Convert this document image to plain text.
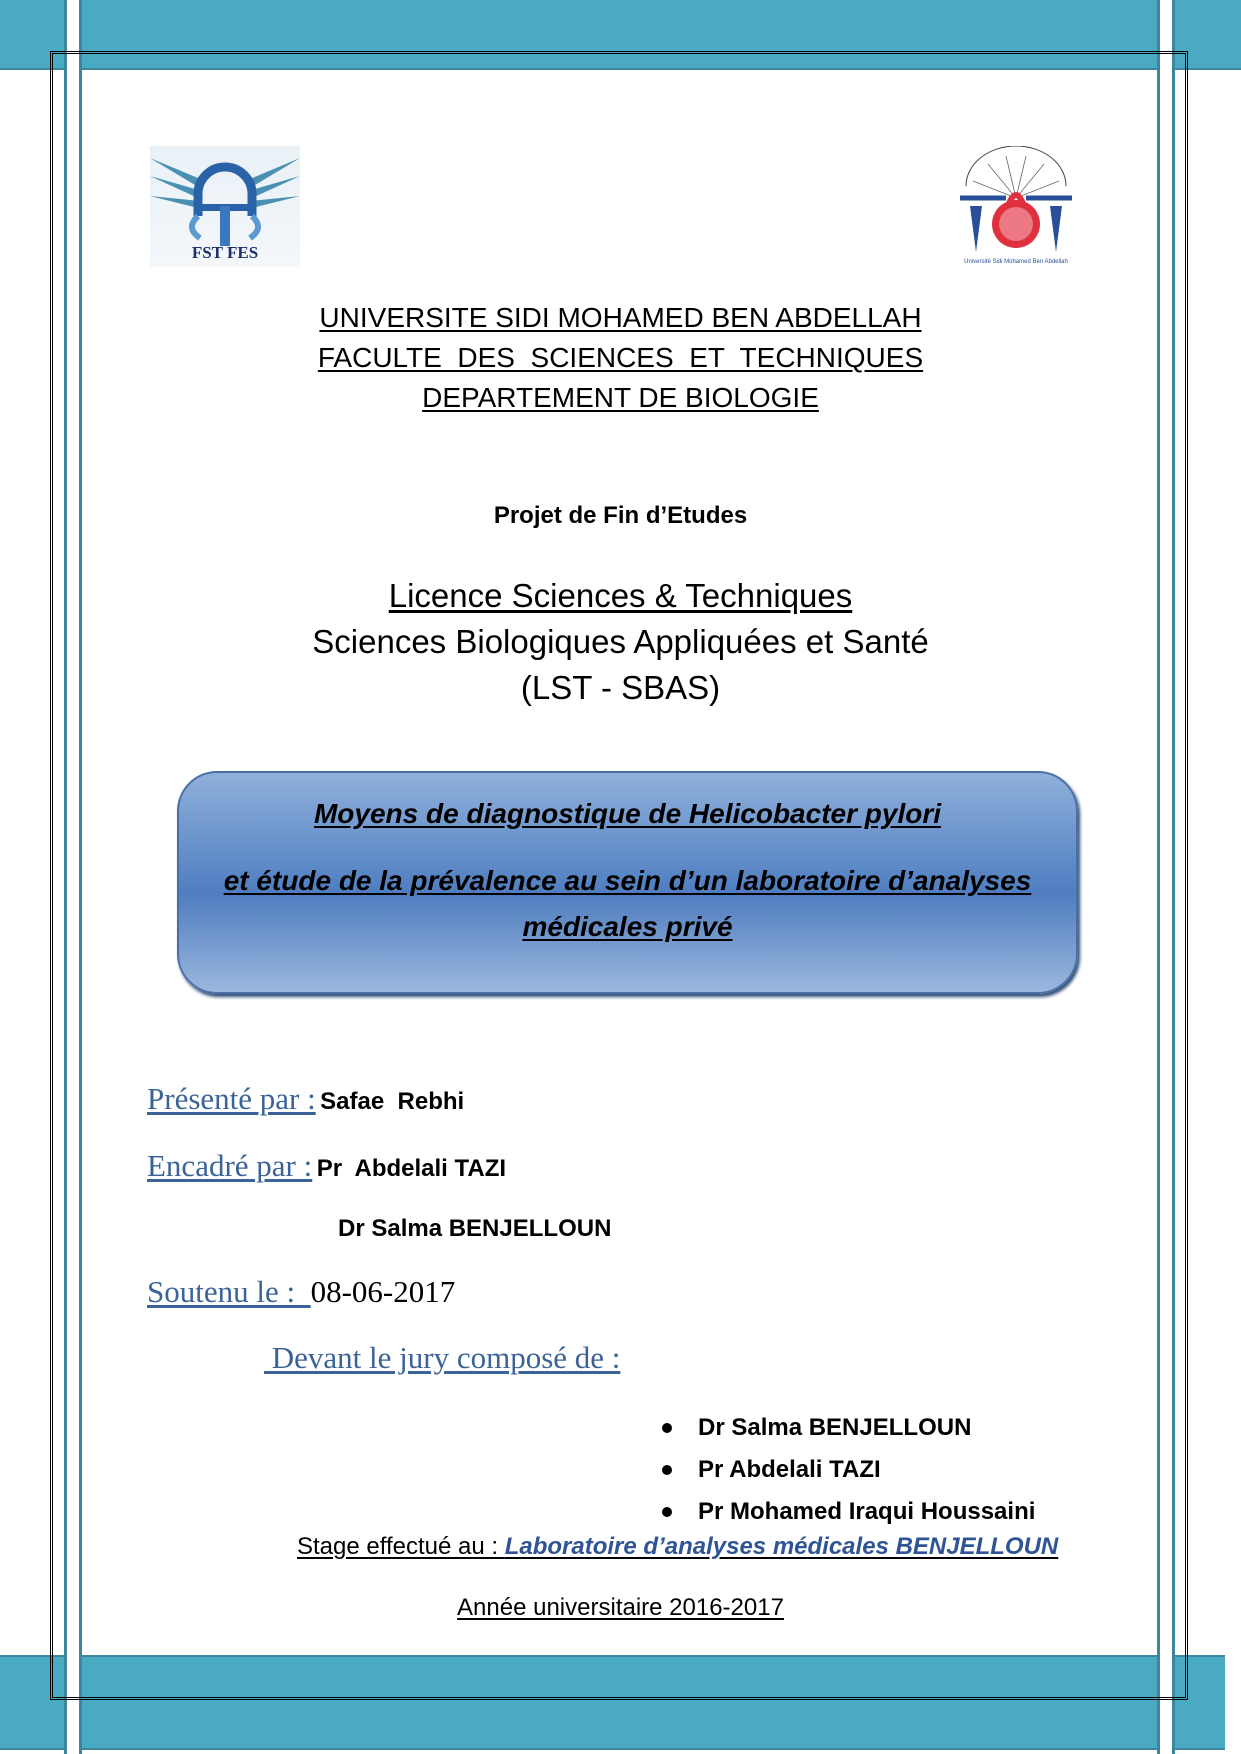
FST FES	Université Sidi Mohamed Ben Abdellah
UNIVERSITE SIDI MOHAMED BEN ABDELLAH
FACULTE  DES  SCIENCES  ET  TECHNIQUES
DEPARTEMENT DE BIOLOGIE
Projet de Fin d’Etudes
Licence Sciences & Techniques
Sciences Biologiques Appliquées et Santé
(LST - SBAS)
Moyens de diagnostique de Helicobacter pylori
et étude de la prévalence au sein d’un laboratoire d’analyses
médicales privé
Présenté par : Safae  Rebhi
Encadré par : Pr  Abdelali TAZI
Dr Salma BENJELLOUN
Soutenu le :  08-06-2017
Devant le jury composé de :
Dr Salma BENJELLOUN
Pr Abdelali TAZI
Pr Mohamed Iraqui Houssaini
Stage effectué au : Laboratoire d’analyses médicales BENJELLOUN
Année universitaire 2016-2017
